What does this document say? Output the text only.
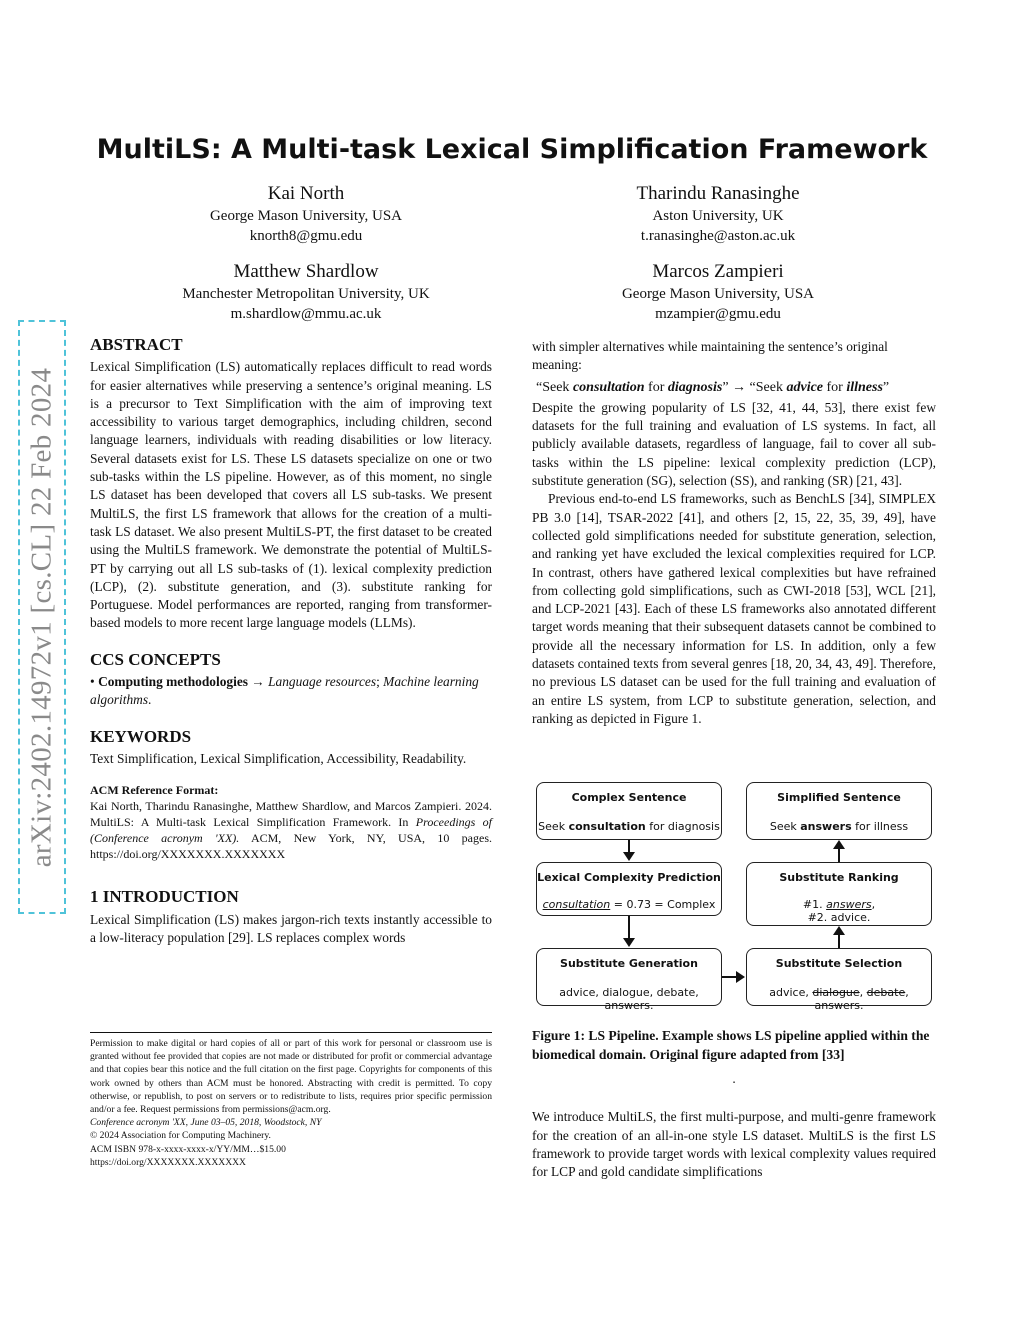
arXiv:2402.14972v1 [cs.CL] 22 Feb 2024
MultiLS: A Multi-task Lexical Simplification Framework
Kai North
George Mason University, USA
knorth8@gmu.edu
Tharindu Ranasinghe
Aston University, UK
t.ranasinghe@aston.ac.uk
Matthew Shardlow
Manchester Metropolitan University, UK
m.shardlow@mmu.ac.uk
Marcos Zampieri
George Mason University, USA
mzampier@gmu.edu
ABSTRACT

Lexical Simplification (LS) automatically replaces difficult to read words for easier alternatives while preserving a sentence’s original meaning. LS is a precursor to Text Simplification with the aim of improving text accessibility to various target demographics, including children, second language learners, individuals with reading disabilities or low literacy. Several datasets exist for LS. These LS datasets specialize on one or two sub-tasks within the LS pipeline. However, as of this moment, no single LS dataset has been developed that covers all LS sub-tasks. We present MultiLS, the first LS framework that allows for the creation of a multi-task LS dataset. We also present MultiLS-PT, the first dataset to be created using the MultiLS framework. We demonstrate the potential of MultiLS-PT by carrying out all LS sub-tasks of (1). lexical complexity prediction (LCP), (2). substitute generation, and (3). substitute ranking for Portuguese. Model performances are reported, ranging from transformer-based models to more recent large language models (LLMs).

CCS CONCEPTS

• Computing methodologies → Language resources; Machine learning algorithms.

KEYWORDS

Text Simplification, Lexical Simplification, Accessibility, Readability.

ACM Reference Format:
Kai North, Tharindu Ranasinghe, Matthew Shardlow, and Marcos Zampieri. 2024. MultiLS: A Multi-task Lexical Simplification Framework. In Proceedings of (Conference acronym 'XX). ACM, New York, NY, USA, 10 pages. https://doi.org/XXXXXXX.XXXXXXX
1 INTRODUCTION

Lexical Simplification (LS) makes jargon-rich texts instantly accessible to a low-literacy population [29]. LS replaces complex words

Permission to make digital or hard copies of all or part of this work for personal or classroom use is granted without fee provided that copies are not made or distributed for profit or commercial advantage and that copies bear this notice and the full citation on the first page. Copyrights for components of this work owned by others than ACM must be honored. Abstracting with credit is permitted. To copy otherwise, or republish, to post on servers or to redistribute to lists, requires prior specific permission and/or a fee. Request permissions from permissions@acm.org.
Conference acronym 'XX, June 03–05, 2018, Woodstock, NY
© 2024 Association for Computing Machinery.
ACM ISBN 978-x-xxxx-xxxx-x/YY/MM…$15.00
https://doi.org/XXXXXXX.XXXXXXX

with simpler alternatives while maintaining the sentence’s original meaning:

“Seek consultation for diagnosis” → “Seek advice for illness”

Despite the growing popularity of LS [32, 41, 44, 53], there exist few datasets for the full training and evaluation of LS systems. In fact, all publicly available datasets, regardless of language, fail to cover all sub-tasks within the LS pipeline: lexical complexity prediction (LCP), substitute generation (SG), selection (SS), and ranking (SR) [21, 43].

Previous end-to-end LS frameworks, such as BenchLS [34], SIMPLEX PB 3.0 [14], TSAR-2022 [41], and others [2, 15, 22, 35, 39, 49], have collected gold simplifications needed for substitute generation, selection, and ranking yet have excluded the lexical complexities required for LCP. In contrast, others have gathered lexical complexities but have refrained from collecting gold simplifications, such as CWI-2018 [53], WCL [21], and LCP-2021 [43]. Each of these LS frameworks also annotated different target words meaning that their subsequent datasets cannot be combined to provide all the necessary information for LS. In addition, only a few datasets contained texts from several genres [18, 20, 34, 43, 49]. Therefore, no previous LS dataset can be used for the full training and evaluation of an entire LS system, from LCP to substitute generation, selection, and ranking as depicted in Figure 1.

Complex Sentence
Seek consultation for diagnosis
Lexical Complexity Prediction
consultation = 0.73 = Complex
Substitute Generation
advice, dialogue, debate, answers.
Simplified Sentence
Seek answers for illness
Substitute Ranking
#1. answers,
#2. advice.
Substitute Selection
advice, dialogue, debate, answers.

Figure 1: LS Pipeline. Example shows LS pipeline applied within the biomedical domain. Original figure adapted from [33]

.

We introduce MultiLS, the first multi-purpose, and multi-genre framework for the creation of an all-in-one style LS dataset. MultiLS is the first LS framework to provide target words with lexical complexity values required for LCP and gold candidate simplifications
